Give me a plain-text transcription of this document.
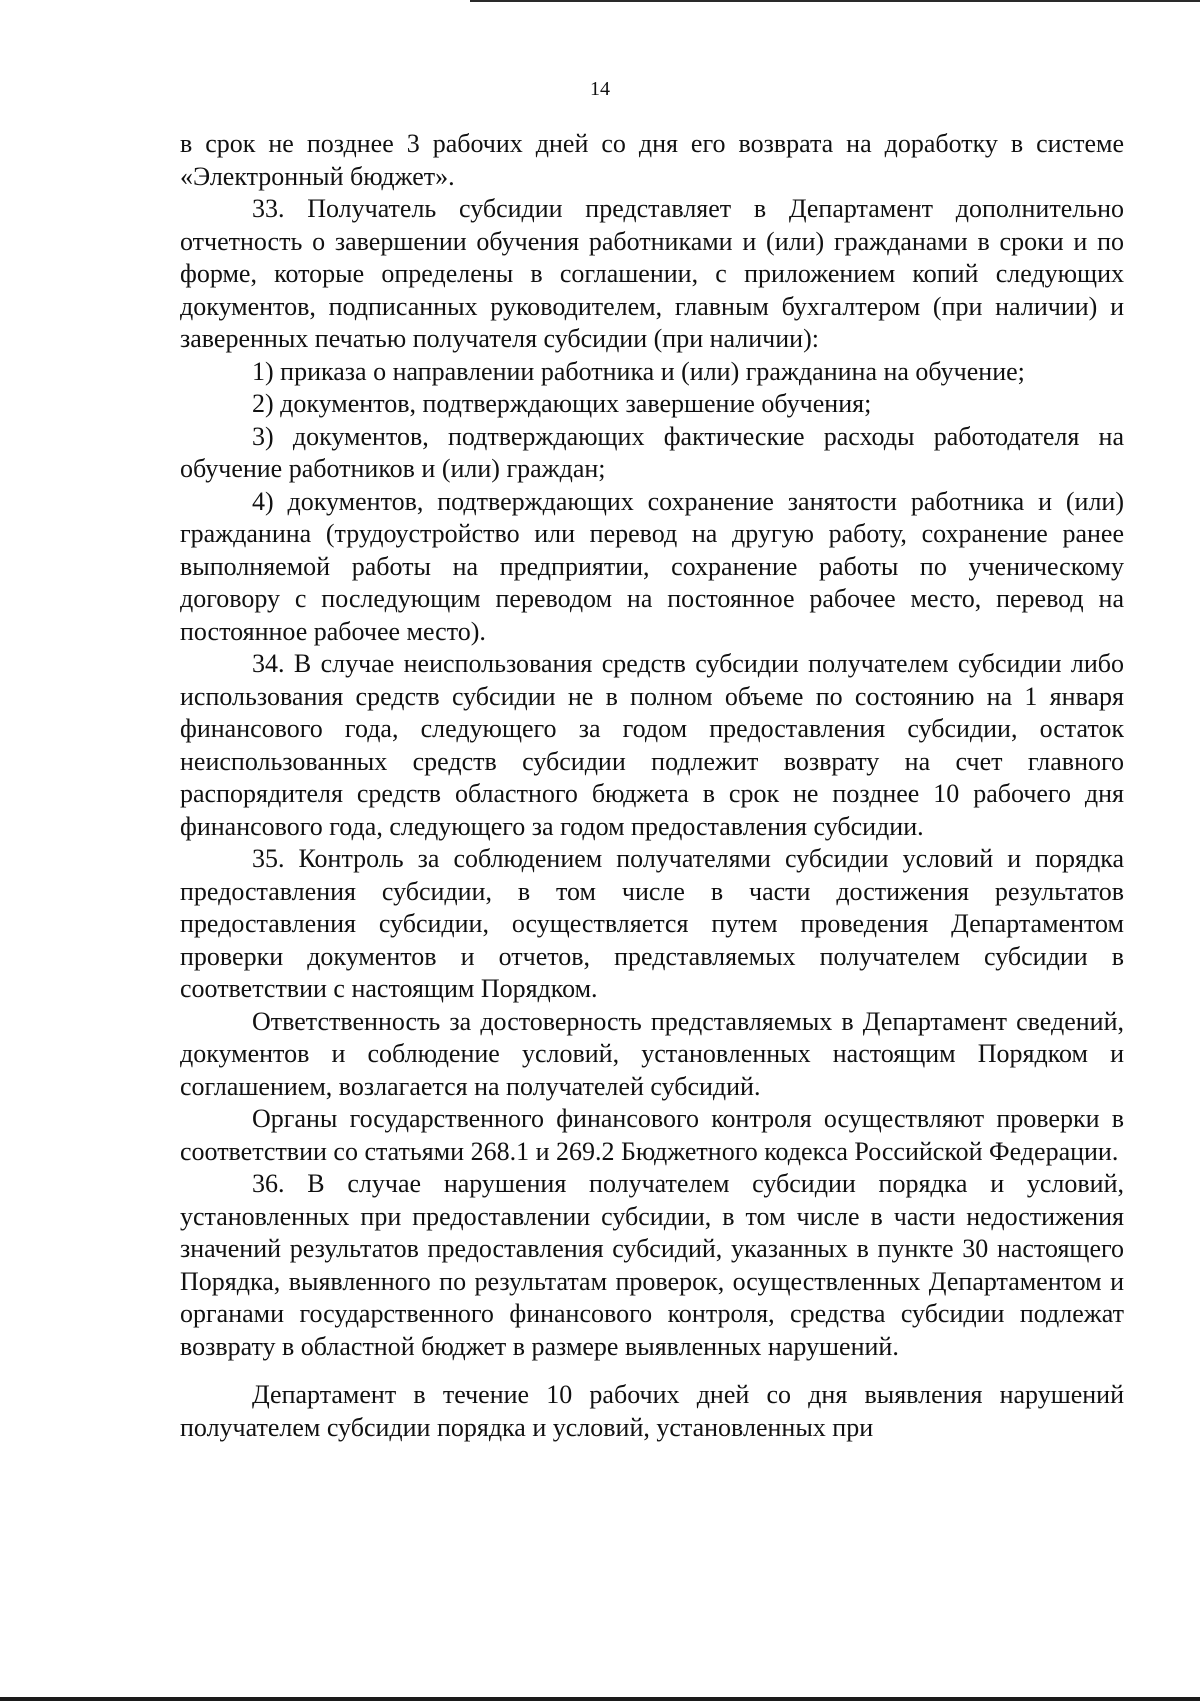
14

в срок не позднее 3 рабочих дней со дня его возврата на доработку в системе «Электронный бюджет».

33. Получатель субсидии представляет в Департамент дополнительно отчетность о завершении обучения работниками и (или) гражданами в сроки и по форме, которые определены в соглашении, с приложением копий следующих документов, подписанных руководителем, главным бухгалтером (при наличии) и заверенных печатью получателя субсидии (при наличии):

1) приказа о направлении работника и (или) гражданина на обучение;

2) документов, подтверждающих завершение обучения;

3) документов, подтверждающих фактические расходы работодателя на обучение работников и (или) граждан;

4) документов, подтверждающих сохранение занятости работника и (или) гражданина (трудоустройство или перевод на другую работу, сохранение ранее выполняемой работы на предприятии, сохранение работы по ученическому договору с последующим переводом на постоянное рабочее место, перевод на постоянное рабочее место).

34. В случае неиспользования средств субсидии получателем субсидии либо использования средств субсидии не в полном объеме по состоянию на 1 января финансового года, следующего за годом предоставления субсидии, остаток неиспользованных средств субсидии подлежит возврату на счет главного распорядителя средств областного бюджета в срок не позднее 10 рабочего дня финансового года, следующего за годом предоставления субсидии.

35. Контроль за соблюдением получателями субсидии условий и порядка предоставления субсидии, в том числе в части достижения результатов предоставления субсидии, осуществляется путем проведения Департаментом проверки документов и отчетов, представляемых получателем субсидии в соответствии с настоящим Порядком.

Ответственность за достоверность представляемых в Департамент сведений, документов и соблюдение условий, установленных настоящим Порядком и соглашением, возлагается на получателей субсидий.

Органы государственного финансового контроля осуществляют проверки в соответствии со статьями 268.1 и 269.2 Бюджетного кодекса Российской Федерации.

36. В случае нарушения получателем субсидии порядка и условий, установленных при предоставлении субсидии, в том числе в части недостижения значений результатов предоставления субсидий, указанных в пункте 30 настоящего Порядка, выявленного по результатам проверок, осуществленных Департаментом и органами государственного финансового контроля, средства субсидии подлежат возврату в областной бюджет в размере выявленных нарушений.

Департамент в течение 10 рабочих дней со дня выявления нарушений получателем субсидии порядка и условий, установленных при
